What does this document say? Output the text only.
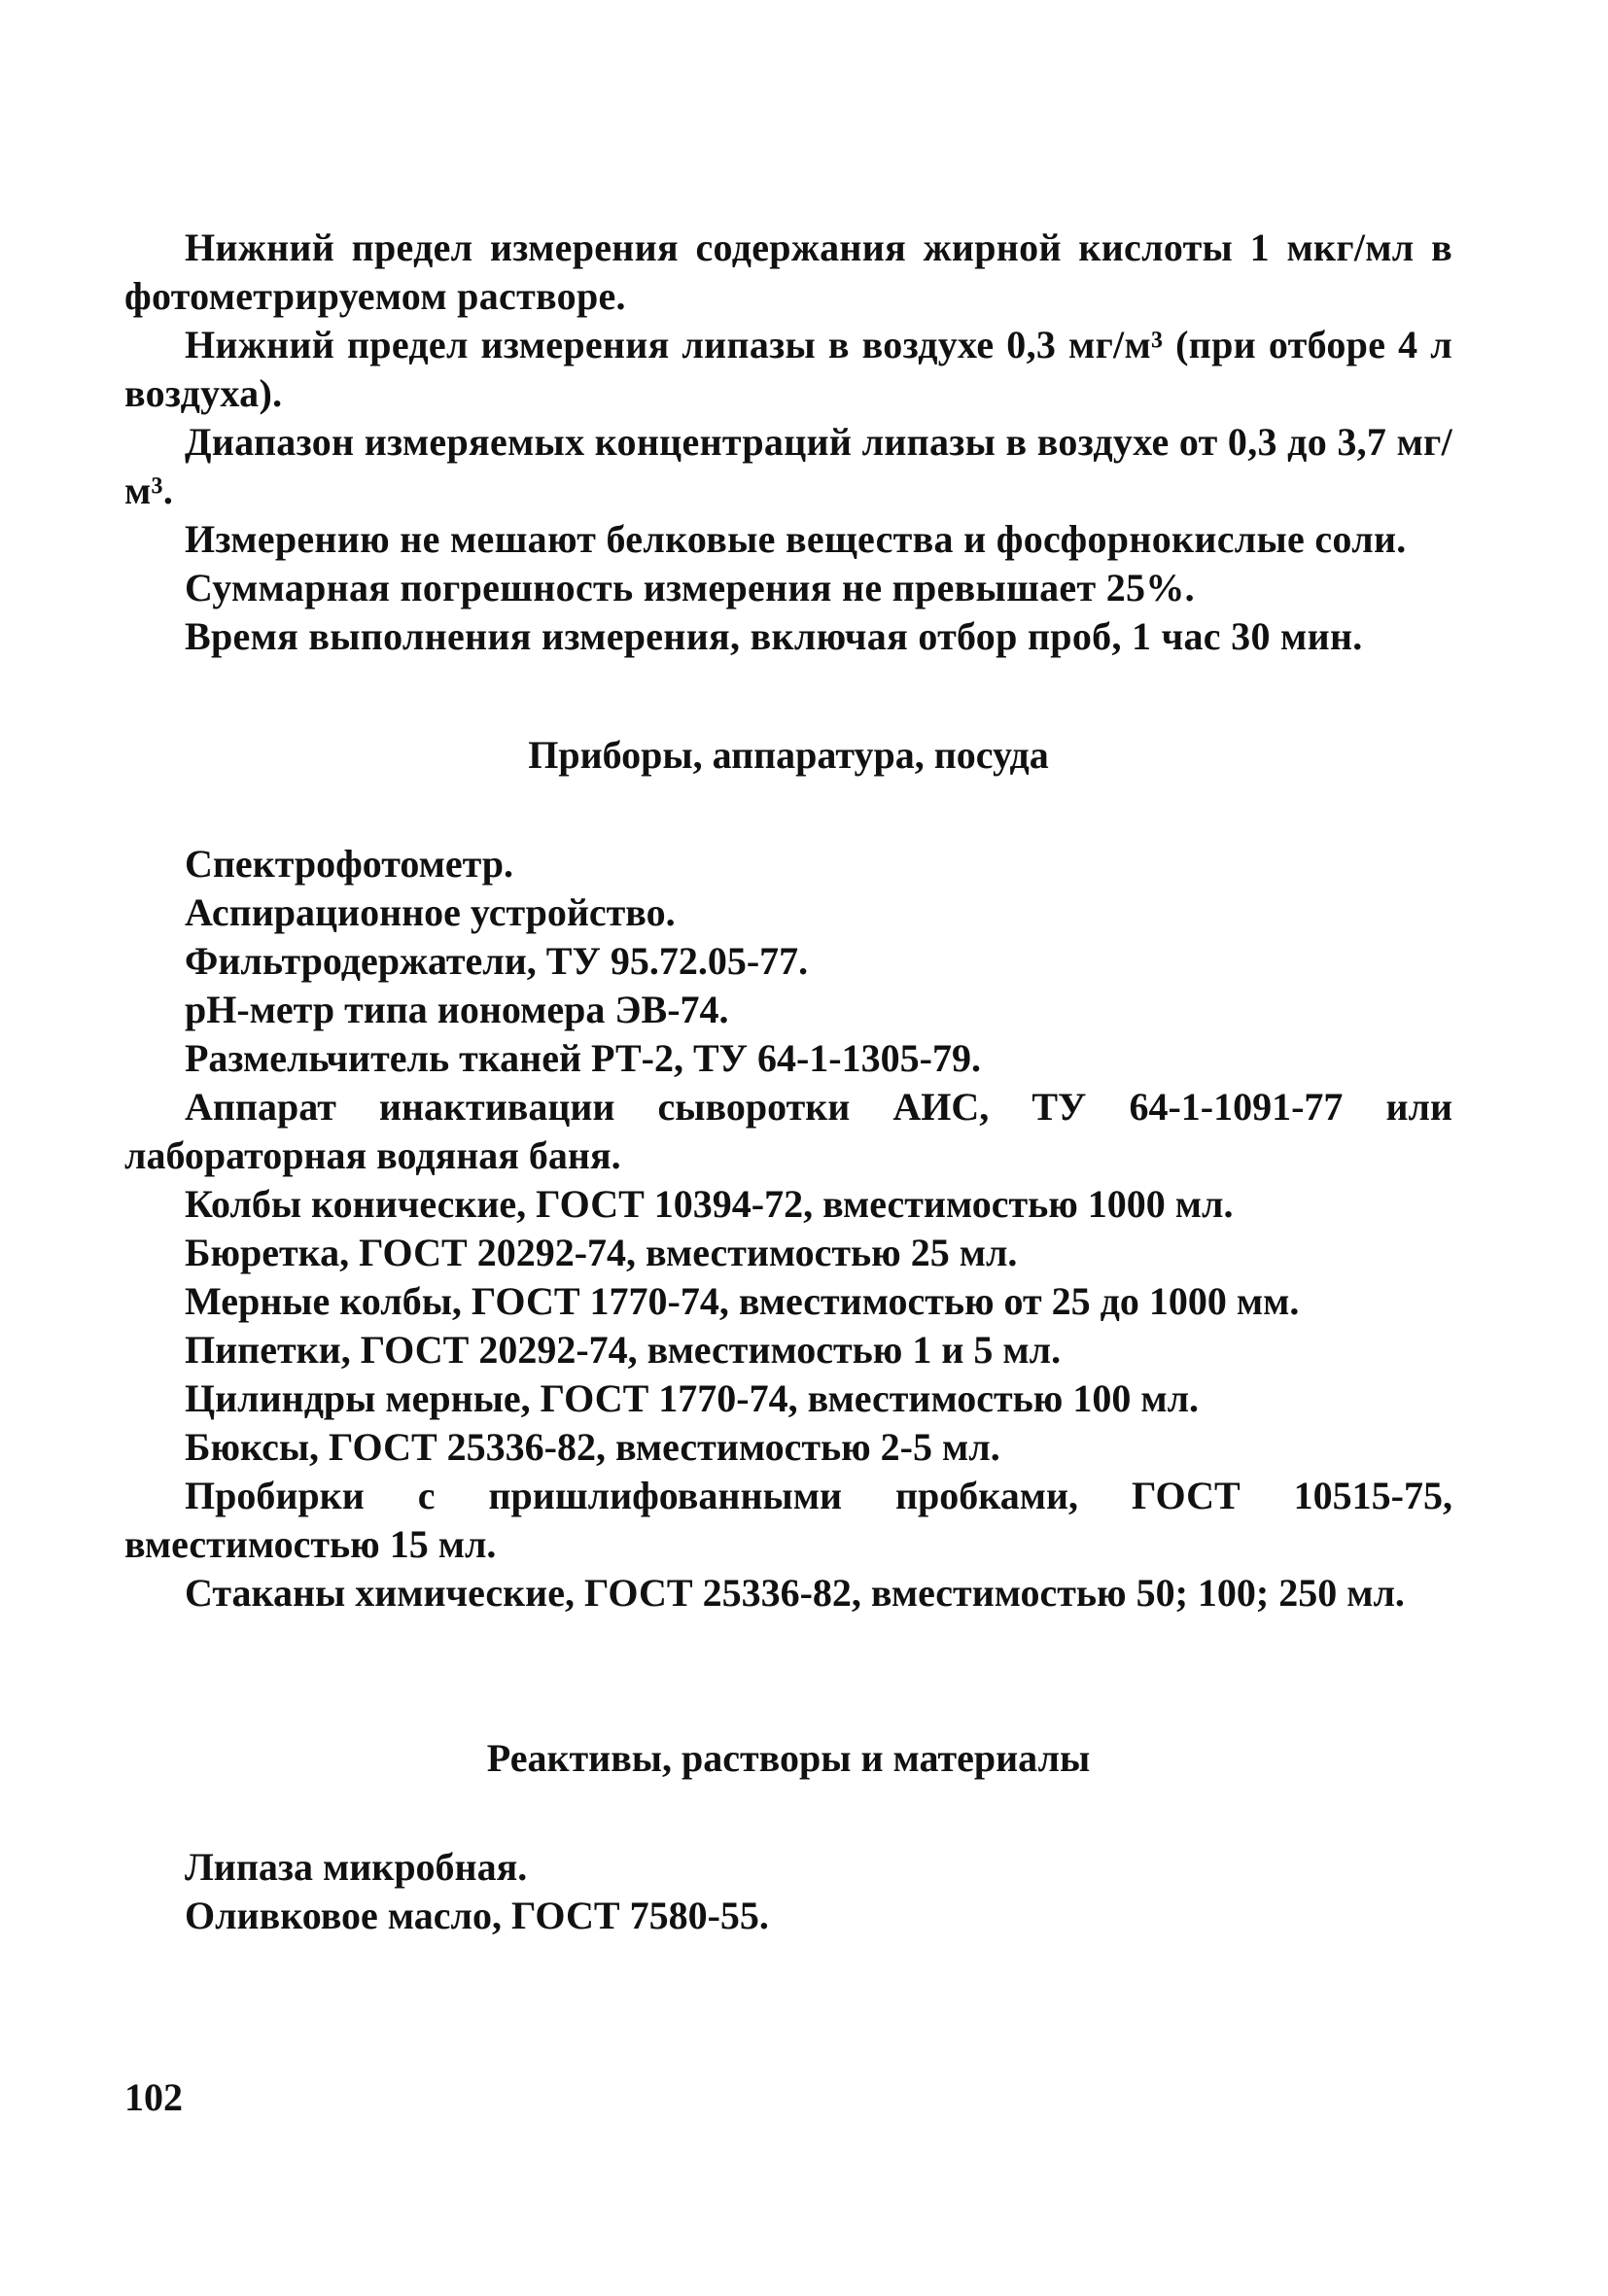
Нижний предел измерения содержания жирной кислоты 1 мкг/мл в фотометрируемом растворе.

Нижний предел измерения липазы в воздухе 0,3 мг/м³ (при отборе 4 л воздуха).

Диапазон измеряемых концентраций липазы в воздухе от 0,3 до 3,7 мг/м³.

Измерению не мешают белковые вещества и фосфорнокислые соли.

Суммарная погрешность измерения не превышает 25%.

Время выполнения измерения, включая отбор проб, 1 час 30 мин.

Приборы, аппаратура, посуда

Спектрофотометр.

Аспирационное устройство.

Фильтродержатели, ТУ 95.72.05-77.

рН-метр типа иономера ЭВ-74.

Размельчитель тканей РТ-2, ТУ 64-1-1305-79.

Аппарат инактивации сыворотки АИС, ТУ 64-1-1091-77 или лабораторная водяная баня.

Колбы конические, ГОСТ 10394-72, вместимостью 1000 мл.

Бюретка, ГОСТ 20292-74, вместимостью 25 мл.

Мерные колбы, ГОСТ 1770-74, вместимостью от 25 до 1000 мм.

Пипетки, ГОСТ 20292-74, вместимостью 1 и 5 мл.

Цилиндры мерные, ГОСТ 1770-74, вместимостью 100 мл.

Бюксы, ГОСТ 25336-82, вместимостью 2-5 мл.

Пробирки с пришлифованными пробками, ГОСТ 10515-75, вместимостью 15 мл.

Стаканы химические, ГОСТ 25336-82, вместимостью 50; 100; 250 мл.

Реактивы, растворы и материалы

Липаза микробная.

Оливковое масло, ГОСТ 7580-55.

102
